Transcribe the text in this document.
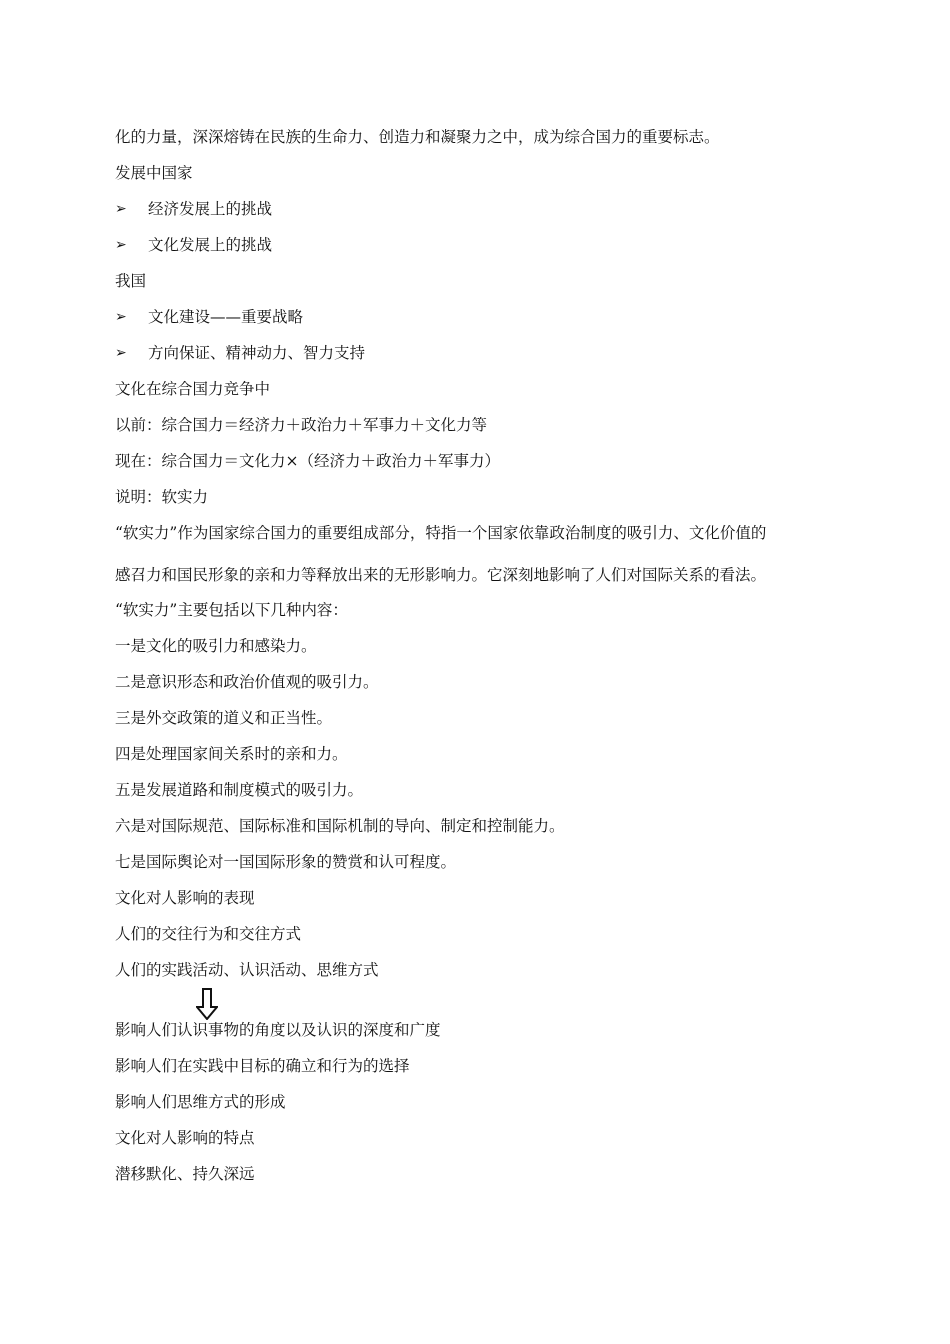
化的力量，深深熔铸在民族的生命力、创造力和凝聚力之中，成为综合国力的重要标志。
发展中国家
➢ 经济发展上的挑战
➢ 文化发展上的挑战
我国
➢ 文化建设——重要战略
➢ 方向保证、精神动力、智力支持
文化在综合国力竞争中
以前：综合国力＝经济力＋政治力＋军事力＋文化力等
现在：综合国力＝文化力×（经济力＋政治力＋军事力）
说明：软实力
“软实力”作为国家综合国力的重要组成部分，特指一个国家依靠政治制度的吸引力、文化价值的
感召力和国民形象的亲和力等释放出来的无形影响力。它深刻地影响了人们对国际关系的看法。
“软实力”主要包括以下几种内容：
一是文化的吸引力和感染力。
二是意识形态和政治价值观的吸引力。
三是外交政策的道义和正当性。
四是处理国家间关系时的亲和力。
五是发展道路和制度模式的吸引力。
六是对国际规范、国际标准和国际机制的导向、制定和控制能力。
七是国际舆论对一国国际形象的赞赏和认可程度。
文化对人影响的表现
人们的交往行为和交往方式
人们的实践活动、认识活动、思维方式
影响人们认识事物的角度以及认识的深度和广度
影响人们在实践中目标的确立和行为的选择
影响人们思维方式的形成
文化对人影响的特点
潜移默化、持久深远
